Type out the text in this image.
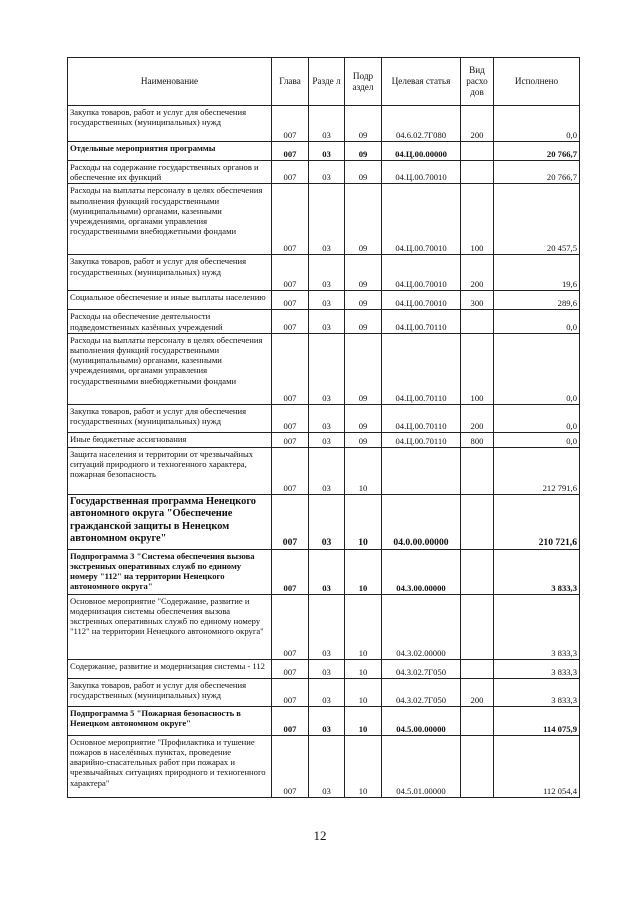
Наименование	Глава	Разде л	Подр аздел	Целевая статья	Вид расхо дов	Исполнено
Закупка товаров, работ и услуг для обеспечения государственных (муниципальных) нужд	007	03	09	04.6.02.7Г080	200	0,0
Отдельные мероприятия программы	007	03	09	04.Ц.00.00000		20 766,7
Расходы на содержание государственных органов и обеспечение их функций	007	03	09	04.Ц.00.70010		20 766,7
Расходы на выплаты персоналу в целях обеспечения выполнения функций государственными (муниципальными) органами, казенными учреждениями, органами управления государственными внебюджетными фондами	007	03	09	04.Ц.00.70010	100	20 457,5
Закупка товаров, работ и услуг для обеспечения государственных (муниципальных) нужд	007	03	09	04.Ц.00.70010	200	19,6
Социальное обеспечение и иные выплаты населению	007	03	09	04.Ц.00.70010	300	289,6
Расходы на обеспечение деятельности подведомственных казённых учреждений	007	03	09	04.Ц.00.70110		0,0
Расходы на выплаты персоналу в целях обеспечения выполнения функций государственными (муниципальными) органами, казенными учреждениями, органами управления государственными внебюджетными фондами	007	03	09	04.Ц.00.70110	100	0,0
Закупка товаров, работ и услуг для обеспечения государственных (муниципальных) нужд	007	03	09	04.Ц.00.70110	200	0,0
Иные бюджетные ассигнования	007	03	09	04.Ц.00.70110	800	0,0
Защита населения и территории от чрезвычайных ситуаций природного и техногенного характера, пожарная безопасность	007	03	10			212 791,6
Государственная программа Ненецкого автономного округа "Обеспечение гражданской защиты в Ненецком автономном округе"	007	03	10	04.0.00.00000		210 721,6
Подпрограмма 3 "Система обеспечения вызова экстренных оперативных служб по единому номеру "112" на территории Ненецкого автономного округа"	007	03	10	04.3.00.00000		3 833,3
Основное мероприятие "Содержание, развитие и модернизация системы обеспечения вызова экстренных оперативных служб по единому номеру "112" на территории Ненецкого автономного округа"	007	03	10	04.3.02.00000		3 833,3
Содержание, развитие и модернизация системы - 112	007	03	10	04.3.02.7Г050		3 833,3
Закупка товаров, работ и услуг для обеспечения государственных (муниципальных) нужд	007	03	10	04.3.02.7Г050	200	3 833,3
Подпрограмма 5 "Пожарная безопасность в Ненецком автономном округе"	007	03	10	04.5.00.00000		114 075,9
Основное мероприятие "Профилактика и тушение пожаров в населённых пунктах, проведение аварийно-спасательных работ при пожарах и чрезвычайных ситуациях природного и техногенного характера"	007	03	10	04.5.01.00000		112 054,4
12
